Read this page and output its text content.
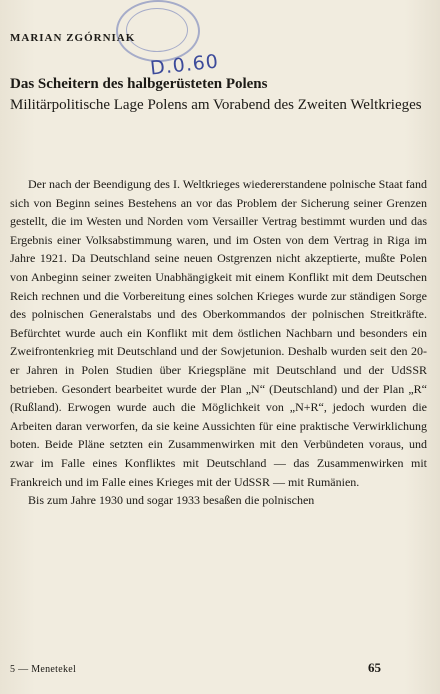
MARIAN ZGÓRNIAK
D.0.60
Das Scheitern des halbgerüsteten Polens
Militärpolitische Lage Polens am Vorabend des Zweiten Weltkrieges

Der nach der Beendigung des I. Weltkrieges wiedererstandene polnische Staat fand sich von Beginn seines Bestehens an vor das Problem der Sicherung seiner Grenzen gestellt, die im Westen und Norden vom Versailler Vertrag bestimmt wurden und das Ergebnis einer Volksabstimmung waren, und im Osten von dem Vertrag in Riga im Jahre 1921. Da Deutschland seine neuen Ostgrenzen nicht akzeptierte, mußte Polen von Anbeginn seiner zweiten Unabhängigkeit mit einem Konflikt mit dem Deutschen Reich rechnen und die Vorbereitung eines solchen Krieges wurde zur ständigen Sorge des polnischen Generalstabs und des Oberkommandos der polnischen Streitkräfte. Befürchtet wurde auch ein Konflikt mit dem östlichen Nachbarn und besonders ein Zweifrontenkrieg mit Deutschland und der Sowjetunion. Deshalb wurden seit den 20-er Jahren in Polen Studien über Kriegspläne mit Deutschland und der UdSSR betrieben. Gesondert bearbeitet wurde der Plan „N“ (Deutschland) und der Plan „R“ (Rußland). Erwogen wurde auch die Möglichkeit von „N+R“, jedoch wurden die Arbeiten daran verworfen, da sie keine Aussichten für eine praktische Verwirklichung boten. Beide Pläne setzten ein Zusammenwirken mit den Verbündeten voraus, und zwar im Falle eines Konfliktes mit Deutschland — das Zusammenwirken mit Frankreich und im Falle eines Krieges mit der UdSSR — mit Rumänien.

Bis zum Jahre 1930 und sogar 1933 besaßen die polnischen

5 — Menetekel	65
